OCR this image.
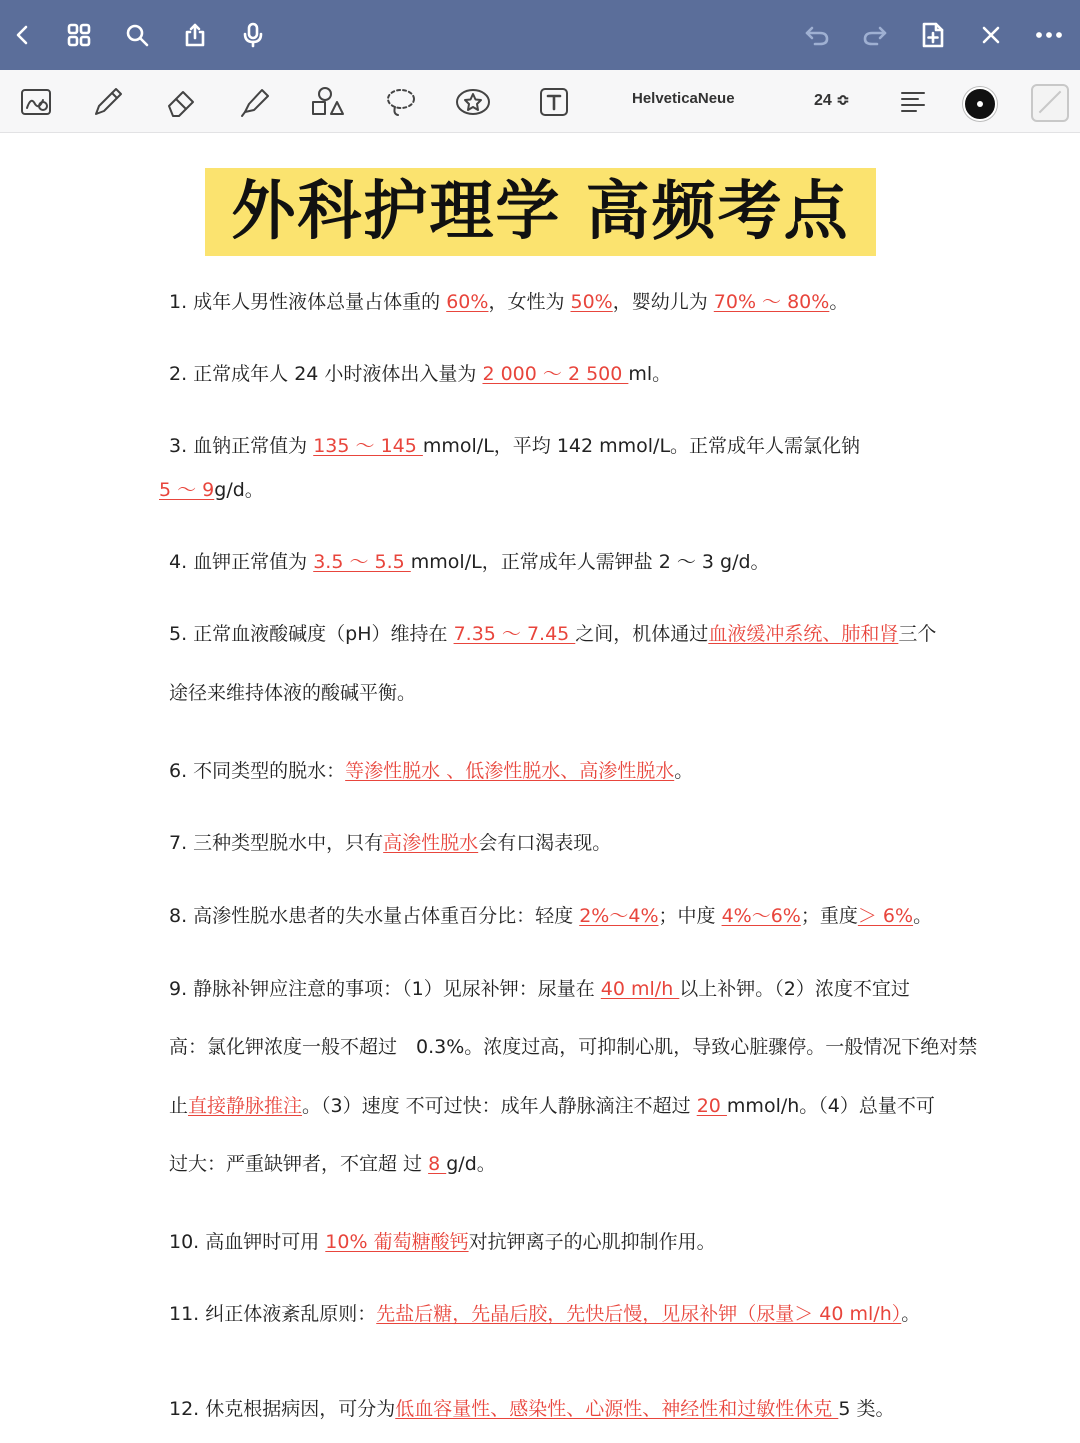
HelveticaNeue	24 ≎
外科护理学 高频考点
1. 成年人男性液体总量占体重的 60%，女性为 50%，婴幼儿为 70% ～ 80%。
2. 正常成年人 24 小时液体出入量为 2 000 ～ 2 500 ml。
3. 血钠正常值为 135 ～ 145 mmol/L，平均 142 mmol/L。正常成年人需氯化钠
5 ～ 9g/d。
4. 血钾正常值为 3.5 ～ 5.5 mmol/L，正常成年人需钾盐 2 ～ 3 g/d。
5. 正常血液酸碱度（pH）维持在 7.35 ～ 7.45 之间，机体通过血液缓冲系统、肺和肾三个
途径来维持体液的酸碱平衡。
6. 不同类型的脱水：等渗性脱水 、低渗性脱水、高渗性脱水。
7. 三种类型脱水中，只有高渗性脱水会有口渴表现。
8. 高渗性脱水患者的失水量占体重百分比：轻度 2%～4%；中度 4%～6%；重度＞ 6%。
9. 静脉补钾应注意的事项：（1）见尿补钾：尿量在 40 ml/h 以上补钾。（2）浓度不宜过
高：氯化钾浓度一般不超过　0.3%。浓度过高，可抑制心肌，导致心脏骤停。一般情况下绝对禁
止直接静脉推注。（3）速度 不可过快：成年人静脉滴注不超过 20 mmol/h。（4）总量不可
过大：严重缺钾者，不宜超 过 8 g/d。
10. 高血钾时可用 10% 葡萄糖酸钙对抗钾离子的心肌抑制作用。
11. 纠正体液紊乱原则：先盐后糖，先晶后胶，先快后慢，见尿补钾（尿量＞ 40 ml/h）。
12. 休克根据病因，可分为低血容量性、感染性、心源性、神经性和过敏性休克 5 类。
